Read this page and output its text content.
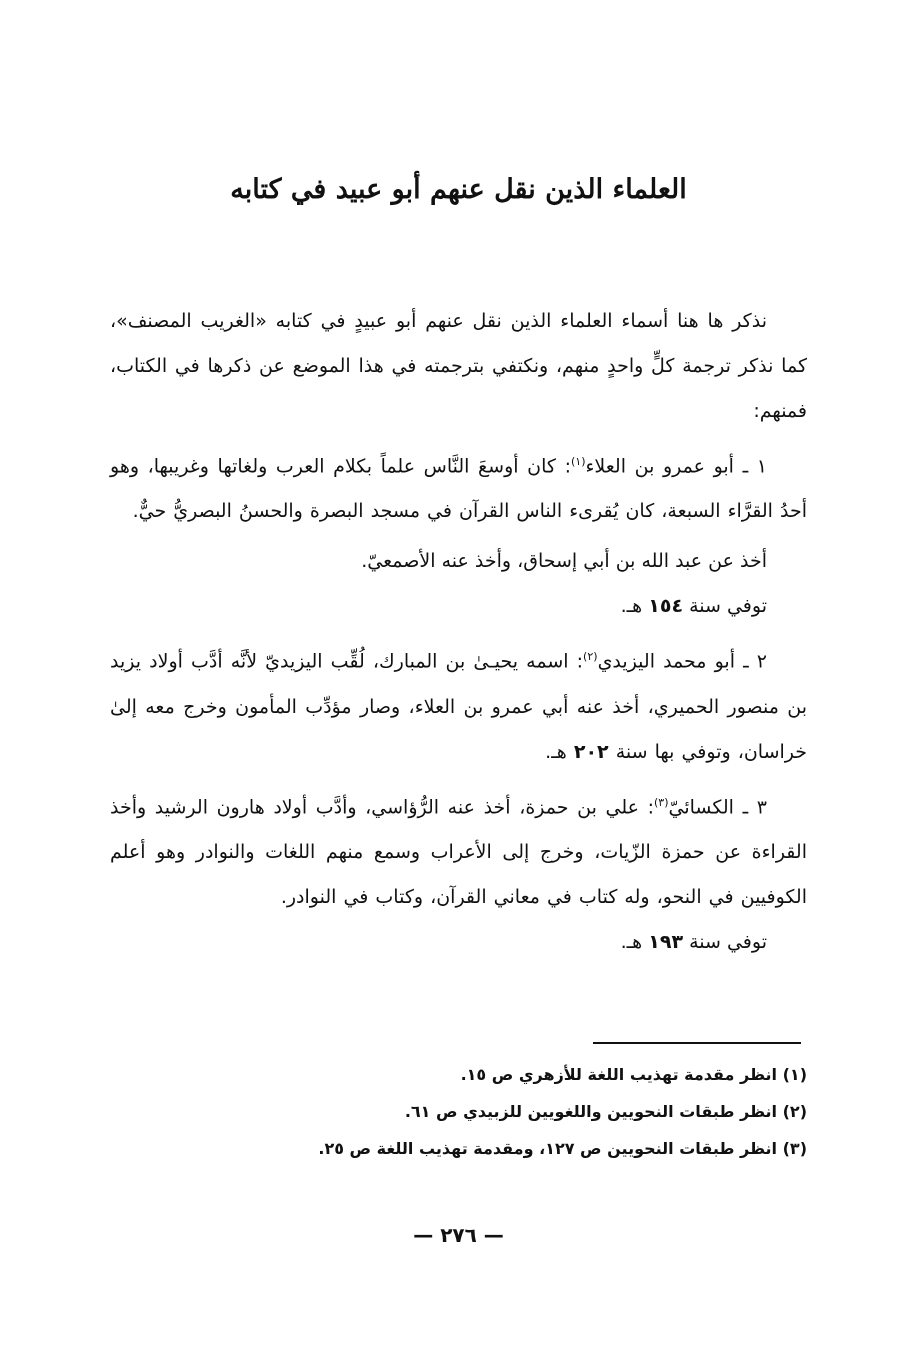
العلماء الذين نقل عنهم أبو عبيد في كتابه

نذكر ها هنا أسماء العلماء الذين نقل عنهم أبو عبيدٍ في كتابه «الغريب المصنف»، كما نذكر ترجمة كلٍّ واحدٍ منهم، ونكتفي بترجمته في هذا الموضع عن ذكرها في الكتاب، فمنهم:

١ ـ أبو عمرو بن العلاء$^{(١)}$: كان أوسعَ النَّاس علماً بكلام العرب ولغاتها وغريبها، وهو أحدُ القرَّاء السبعة، كان يُقرىء الناس القرآن في مسجد البصرة والحسنُ البصريُّ حيٌّ.

أخذ عن عبد الله بن أبي إسحاق، وأخذ عنه الأصمعيّ.

توفي سنة ١٥٤ هـ.

٢ ـ أبو محمد اليزيدي$^{(٢)}$: اسمه يحيـىٰ بن المبارك، لُقِّب اليزيديّ لأنَّه أدَّب أولاد يزيد بن منصور الحميري، أخذ عنه أبي عمرو بن العلاء، وصار مؤدِّب المأمون وخرج معه إلىٰ خراسان، وتوفي بها سنة ٢٠٢ هـ.

٣ ـ الكسائيّ$^{(٣)}$: علي بن حمزة، أخذ عنه الرُّؤاسي، وأدَّب أولاد هارون الرشيد وأخذ القراءة عن حمزة الزّيات، وخرج إلى الأعراب وسمع منهم اللغات والنوادر وهو أعلم الكوفيين في النحو، وله كتاب في معاني القرآن، وكتاب في النوادر.

توفي سنة ١٩٣ هـ.

(١) انظر مقدمة تهذيب اللغة للأزهري ص ١٥.

(٢) انظر طبقات النحويين واللغويين للزبيدي ص ٦١.

(٣) انظر طبقات النحويين ص ١٢٧، ومقدمة تهذيب اللغة ص ٢٥.

— ٢٧٦ —
